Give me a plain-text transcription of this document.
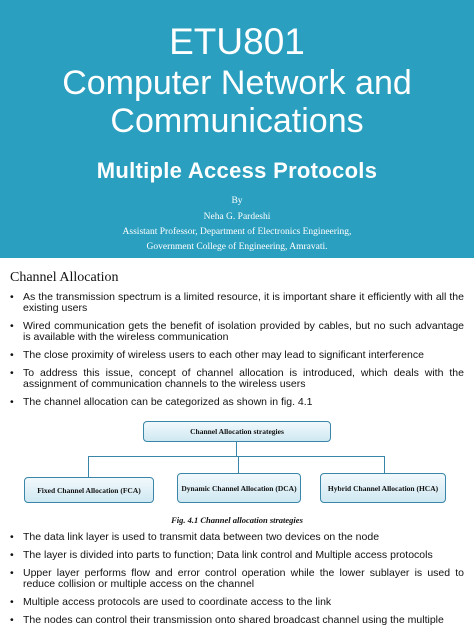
ETU801
Computer Network and
Communications
Multiple Access Protocols
By
Neha G. Pardeshi
Assistant Professor, Department of Electronics Engineering,
Government College of Engineering, Amravati.
Channel Allocation
• As the transmission spectrum is a limited resource, it is important share it efficiently with all the existing users
• Wired communication gets the benefit of isolation provided by cables, but no such advantage is available with the wireless communication
• The close proximity of wireless users to each other may lead to significant interference
• To address this issue, concept of channel allocation is introduced, which deals with the assignment of communication channels to the wireless users
• The channel allocation can be categorized as shown in fig. 4.1
Channel Allocation strategies
Fixed Channel Allocation (FCA)	Dynamic Channel Allocation (DCA)	Hybrid Channel Allocation (HCA)
Fig. 4.1 Channel allocation strategies
• The data link layer is used to transmit data between two devices on the node
• The layer is divided into parts to function; Data link control and Multiple access protocols
• Upper layer performs flow and error control operation while the lower sublayer is used to reduce collision or multiple access on the channel
• Multiple access protocols are used to coordinate access to the link
• The nodes can control their transmission onto shared broadcast channel using the multiple
